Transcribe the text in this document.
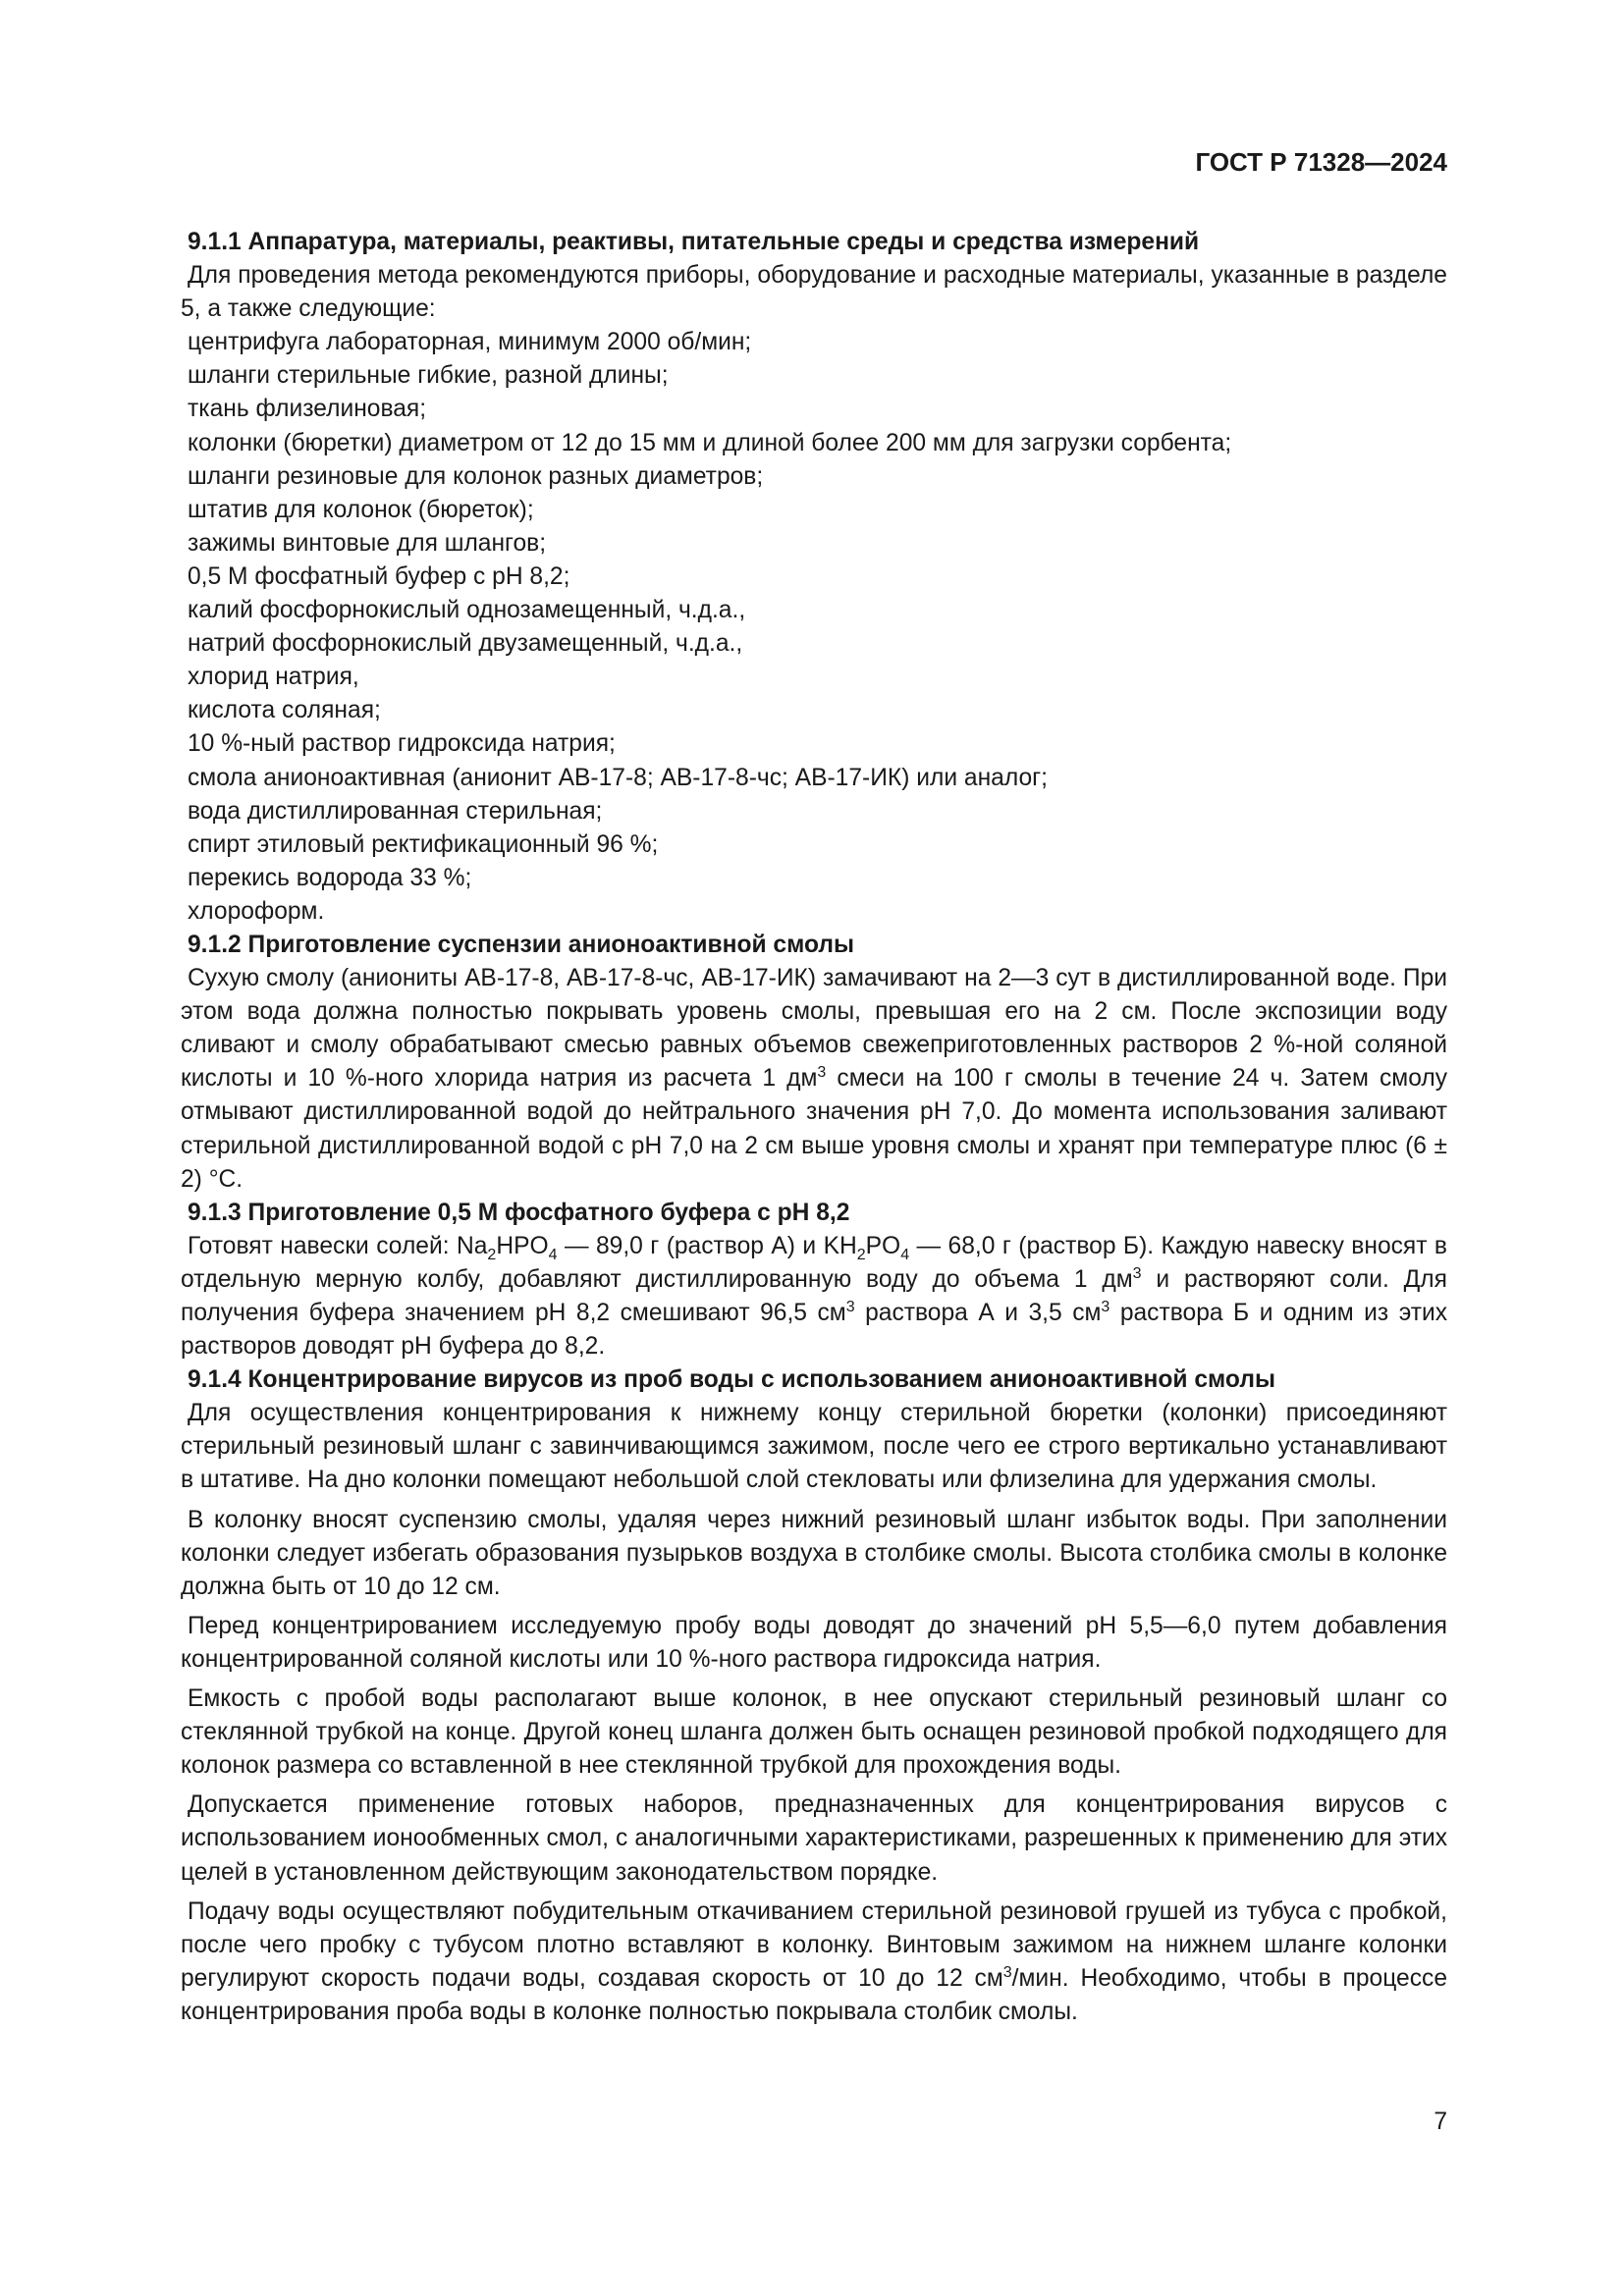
ГОСТ Р 71328—2024

9.1.1 Аппаратура, материалы, реактивы, питательные среды и средства измерений

Для проведения метода рекомендуются приборы, оборудование и расходные материалы, указанные в разделе 5, а также следующие:

центрифуга лабораторная, минимум 2000 об/мин;

шланги стерильные гибкие, разной длины;

ткань флизелиновая;

колонки (бюретки) диаметром от 12 до 15 мм и длиной более 200 мм для загрузки сорбента;

шланги резиновые для колонок разных диаметров;

штатив для колонок (бюреток);

зажимы винтовые для шлангов;

0,5 М фосфатный буфер с pH 8,2;

калий фосфорнокислый однозамещенный, ч.д.а.,

натрий фосфорнокислый двузамещенный, ч.д.а.,

хлорид натрия,

кислота соляная;

10 %-ный раствор гидроксида натрия;

смола анионоактивная (анионит АВ-17-8; АВ-17-8-чс; АВ-17-ИК) или аналог;

вода дистиллированная стерильная;

спирт этиловый ректификационный 96 %;

перекись водорода 33 %;

хлороформ.

9.1.2 Приготовление суспензии анионоактивной смолы

Сухую смолу (аниониты АВ-17-8, АВ-17-8-чс, АВ-17-ИК) замачивают на 2—3 сут в дистиллированной воде. При этом вода должна полностью покрывать уровень смолы, превышая его на 2 см. После экспозиции воду сливают и смолу обрабатывают смесью равных объемов свежеприготовленных растворов 2 %-ной соляной кислоты и 10 %-ного хлорида натрия из расчета 1 $дм^3$ смеси на 100 г смолы в течение 24 ч. Затем смолу отмывают дистиллированной водой до нейтрального значения pH 7,0. До момента использования заливают стерильной дистиллированной водой с pH 7,0 на 2 см выше уровня смолы и хранят при температуре плюс (6 ± 2) °С.

9.1.3 Приготовление 0,5 М фосфатного буфера с pH 8,2

Готовят навески солей: $Na_2HPO_4$ — 89,0 г (раствор А) и $KH_2PO_4$ — 68,0 г (раствор Б). Каждую навеску вносят в отдельную мерную колбу, добавляют дистиллированную воду до объема 1 $дм^3$ и растворяют соли. Для получения буфера значением pH 8,2 смешивают 96,5 $см^3$ раствора А и 3,5 $см^3$ раствора Б и одним из этих растворов доводят pH буфера до 8,2.

9.1.4 Концентрирование вирусов из проб воды с использованием анионоактивной смолы

Для осуществления концентрирования к нижнему концу стерильной бюретки (колонки) присоединяют стерильный резиновый шланг с завинчивающимся зажимом, после чего ее строго вертикально устанавливают в штативе. На дно колонки помещают небольшой слой стекловаты или флизелина для удержания смолы.

В колонку вносят суспензию смолы, удаляя через нижний резиновый шланг избыток воды. При заполнении колонки следует избегать образования пузырьков воздуха в столбике смолы. Высота столбика смолы в колонке должна быть от 10 до 12 см.

Перед концентрированием исследуемую пробу воды доводят до значений pH 5,5—6,0 путем добавления концентрированной соляной кислоты или 10 %-ного раствора гидроксида натрия.

Емкость с пробой воды располагают выше колонок, в нее опускают стерильный резиновый шланг со стеклянной трубкой на конце. Другой конец шланга должен быть оснащен резиновой пробкой подходящего для колонок размера со вставленной в нее стеклянной трубкой для прохождения воды.

Допускается применение готовых наборов, предназначенных для концентрирования вирусов с использованием ионообменных смол, с аналогичными характеристиками, разрешенных к применению для этих целей в установленном действующим законодательством порядке.

Подачу воды осуществляют побудительным откачиванием стерильной резиновой грушей из тубуса с пробкой, после чего пробку с тубусом плотно вставляют в колонку. Винтовым зажимом на нижнем шланге колонки регулируют скорость подачи воды, создавая скорость от 10 до 12 $см^3$/мин. Необходимо, чтобы в процессе концентрирования проба воды в колонке полностью покрывала столбик смолы.

7
